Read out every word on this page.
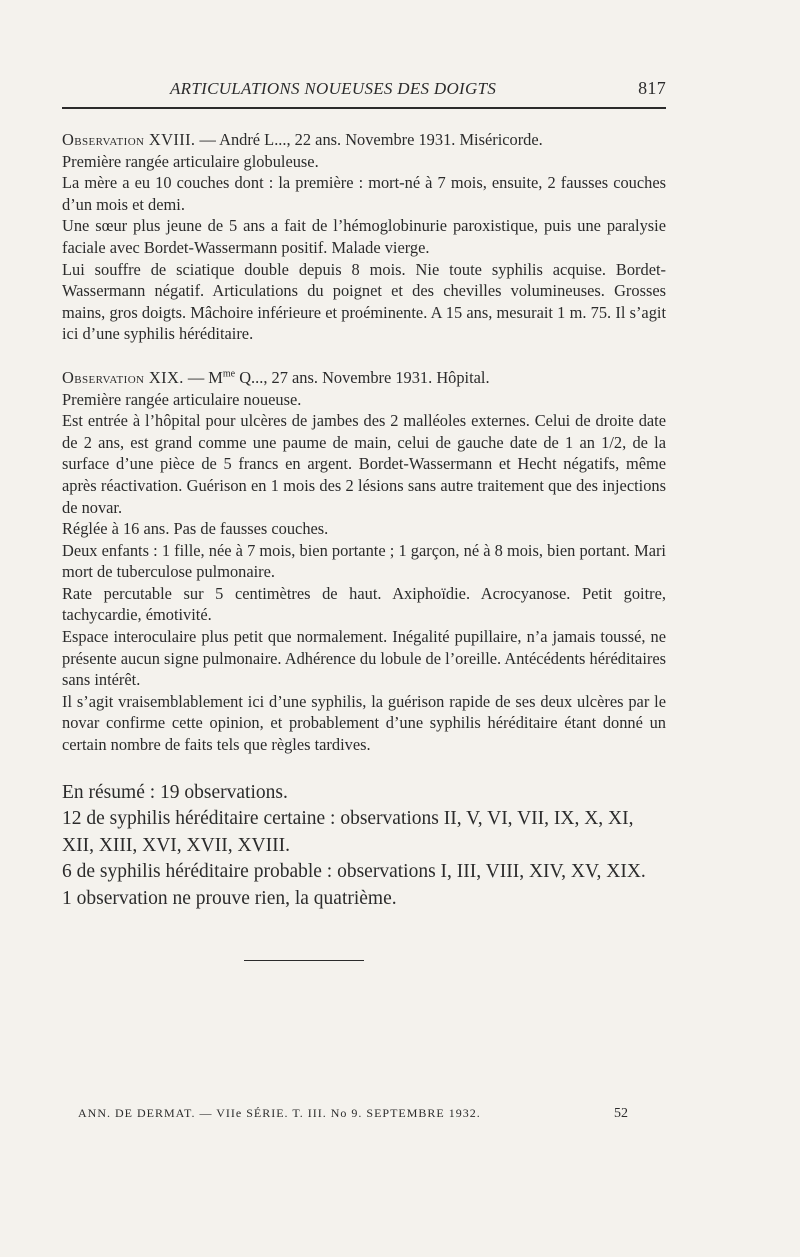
ARTICULATIONS NOUEUSES DES DOIGTS	817

Observation XVIII. — André L..., 22 ans. Novembre 1931. Miséricorde.

Première rangée articulaire globuleuse.

La mère a eu 10 couches dont : la première : mort-né à 7 mois, ensuite, 2 fausses couches d’un mois et demi.

Une sœur plus jeune de 5 ans a fait de l’hémoglobinurie paroxistique, puis une paralysie faciale avec Bordet-Wassermann positif. Malade vierge.

Lui souffre de sciatique double depuis 8 mois. Nie toute syphilis acquise. Bordet-Wassermann négatif. Articulations du poignet et des chevilles volumineuses. Grosses mains, gros doigts. Mâchoire inférieure et proéminente. A 15 ans, mesurait 1 m. 75. Il s’agit ici d’une syphilis héréditaire.

Observation XIX. — $M^{me}$ Q..., 27 ans. Novembre 1931. Hôpital.

Première rangée articulaire noueuse.

Est entrée à l’hôpital pour ulcères de jambes des 2 malléoles externes. Celui de droite date de 2 ans, est grand comme une paume de main, celui de gauche date de 1 an 1/2, de la surface d’une pièce de 5 francs en argent. Bordet-Wassermann et Hecht négatifs, même après réactivation. Guérison en 1 mois des 2 lésions sans autre traitement que des injections de novar.

Réglée à 16 ans. Pas de fausses couches.

Deux enfants : 1 fille, née à 7 mois, bien portante ; 1 garçon, né à 8 mois, bien portant. Mari mort de tuberculose pulmonaire.

Rate percutable sur 5 centimètres de haut. Axiphoïdie. Acrocyanose. Petit goitre, tachycardie, émotivité.

Espace interoculaire plus petit que normalement. Inégalité pupillaire, n’a jamais toussé, ne présente aucun signe pulmonaire. Adhérence du lobule de l’oreille. Antécédents héréditaires sans intérêt.

Il s’agit vraisemblablement ici d’une syphilis, la guérison rapide de ses deux ulcères par le novar confirme cette opinion, et probablement d’une syphilis héréditaire étant donné un certain nombre de faits tels que règles tardives.

En résumé : 19 observations.

12 de syphilis héréditaire certaine : observations II, V, VI, VII, IX, X, XI, XII, XIII, XVI, XVII, XVIII.

6 de syphilis héréditaire probable : observations I, III, VIII, XIV, XV, XIX.

1 observation ne prouve rien, la quatrième.

ANN. DE DERMAT. — VIIe SÉRIE. T. III. No 9. SEPTEMBRE 1932.	52
